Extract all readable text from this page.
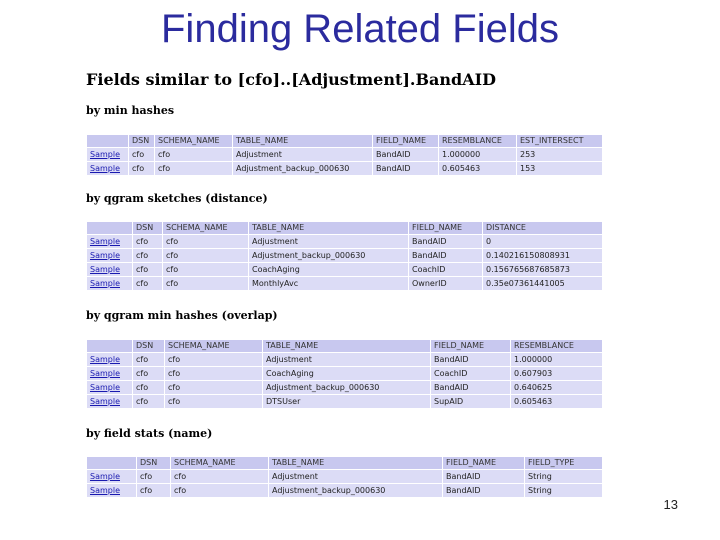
Finding Related Fields
Fields similar to [cfo]..[Adjustment].BandAID
by min hashes
	DSN	SCHEMA_NAME	TABLE_NAME	FIELD_NAME	RESEMBLANCE	EST_INTERSECT
Sample	cfo	cfo	Adjustment	BandAID	1.000000	253
Sample	cfo	cfo	Adjustment_backup_000630	BandAID	0.605463	153
by qgram sketches (distance)
	DSN	SCHEMA_NAME	TABLE_NAME	FIELD_NAME	DISTANCE
Sample	cfo	cfo	Adjustment	BandAID	0
Sample	cfo	cfo	Adjustment_backup_000630	BandAID	0.140216150808931
Sample	cfo	cfo	CoachAging	CoachID	0.156765687685873
Sample	cfo	cfo	MonthlyAvc	OwnerID	0.35e07361441005
by qgram min hashes (overlap)
	DSN	SCHEMA_NAME	TABLE_NAME	FIELD_NAME	RESEMBLANCE
Sample	cfo	cfo	Adjustment	BandAID	1.000000
Sample	cfo	cfo	CoachAging	CoachID	0.607903
Sample	cfo	cfo	Adjustment_backup_000630	BandAID	0.640625
Sample	cfo	cfo	DTSUser	SupAID	0.605463
by field stats (name)
	DSN	SCHEMA_NAME	TABLE_NAME	FIELD_NAME	FIELD_TYPE
Sample	cfo	cfo	Adjustment	BandAID	String
Sample	cfo	cfo	Adjustment_backup_000630	BandAID	String
13
